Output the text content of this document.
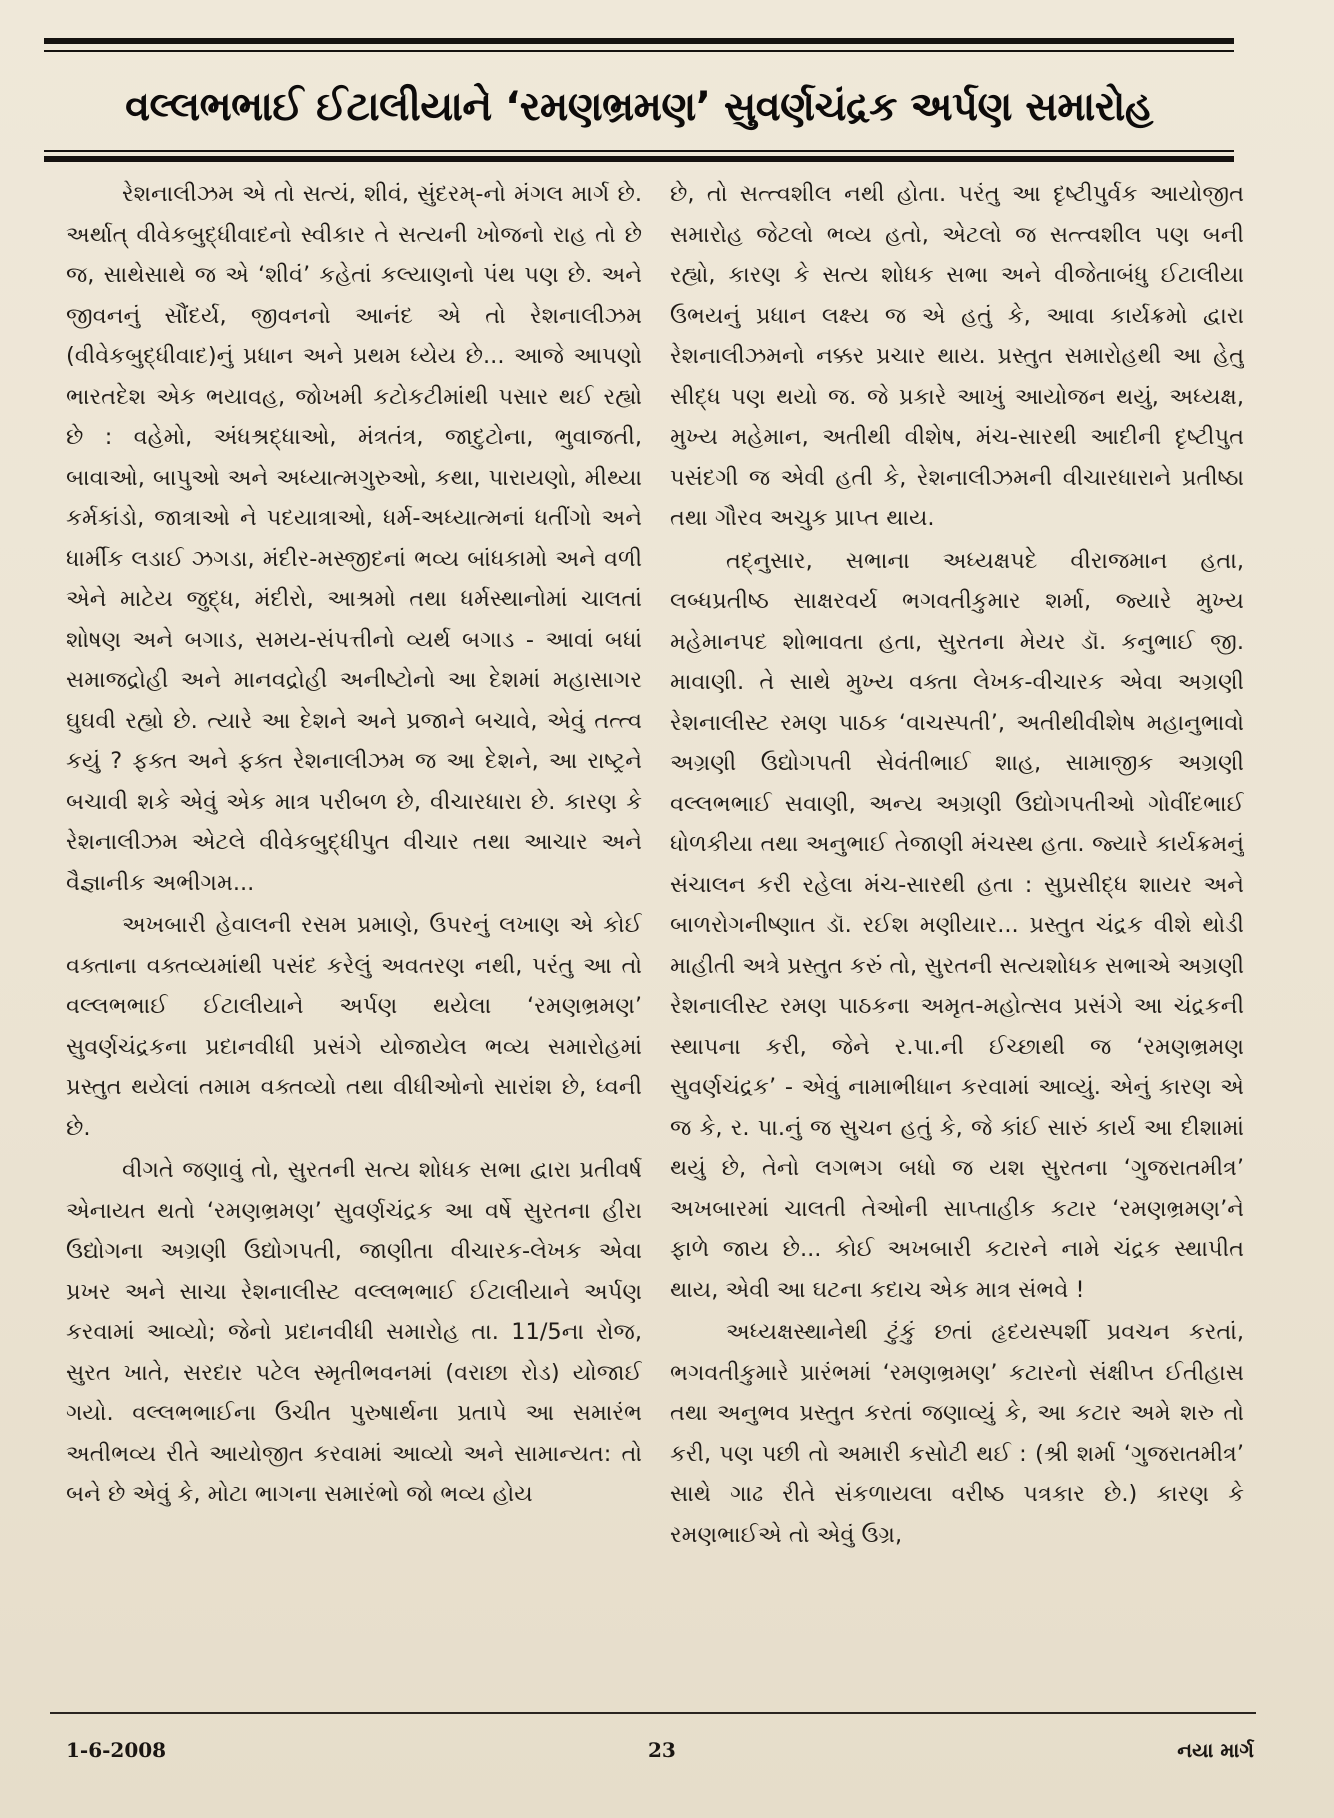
વલ્લભભાઈ ઈટાલીયાને ‘રમણભ્રમણ’ સુવર્ણચંદ્રક અર્પણ સમારોહ

રેશનાલીઝમ એ તો સત્યં, શીવં, સુંદરમ્-નો મંગલ માર્ગ છે. અર્થાત્ વીવેકબુદ્ધીવાદનો સ્વીકાર તે સત્યની ખોજનો રાહ તો છે જ, સાથેસાથે જ એ ‘શીવં’ કહેતાં કલ્યાણનો પંથ પણ છે. અને જીવનનું સૌંદર્ય, જીવનનો આનંદ એ તો રેશનાલીઝમ (વીવેકબુદ્ધીવાદ)નું પ્રધાન અને પ્રથમ ધ્યેય છે... આજે આપણો ભારતદેશ એક ભયાવહ, જોખમી કટોકટીમાંથી પસાર થઈ રહ્યો છે : વહેમો, અંધશ્રદ્ધાઓ, મંત્રતંત્ર, જાદુટોના, ભુવાજતી, બાવાઓ, બાપુઓ અને અધ્યાત્મગુરુઓ, કથા, પારાયણો, મીથ્યા કર્મકાંડો, જાત્રાઓ ને પદયાત્રાઓ, ધર્મ-અધ્યાત્મનાં ધતીંગો અને ધાર્મીક લડાઈ ઝગડા, મંદીર-મસ્જીદનાં ભવ્ય બાંધકામો અને વળી એને માટેય જુદ્ધ, મંદીરો, આશ્રમો તથા ધર્મસ્થાનોમાં ચાલતાં શોષણ અને બગાડ, સમય-સંપત્તીનો વ્યર્થ બગાડ - આવાં બધાં સમાજદ્રોહી અને માનવદ્રોહી અનીષ્ટોનો આ દેશમાં મહાસાગર ઘુઘવી રહ્યો છે. ત્યારે આ દેશને અને પ્રજાને બચાવે, એવું તત્ત્વ કયું ? ફક્ત અને ફક્ત રેશનાલીઝમ જ આ દેશને, આ રાષ્ટ્રને બચાવી શકે એવું એક માત્ર પરીબળ છે, વીચારધારા છે. કારણ કે રેશનાલીઝમ એટલે વીવેકબુદ્ધીપુત વીચાર તથા આચાર અને વૈજ્ઞાનીક અભીગમ...

અખબારી હેવાલની રસમ પ્રમાણે, ઉપરનું લખાણ એ કોઈ વક્તાના વક્તવ્યમાંથી પસંદ કરેલું અવતરણ નથી, પરંતુ આ તો વલ્લભભાઈ ઈટાલીયાને અર્પણ થયેલા ‘રમણભ્રમણ’ સુવર્ણચંદ્રકના પ્રદાનવીધી પ્રસંગે યોજાયેલ ભવ્ય સમારોહમાં પ્રસ્તુત થયેલાં તમામ વક્તવ્યો તથા વીધીઓનો સારાંશ છે, ધ્વની છે.

વીગતે જણાવું તો, સુરતની સત્ય શોધક સભા દ્વારા પ્રતીવર્ષ એનાયત થતો ‘રમણભ્રમણ’ સુવર્ણચંદ્રક આ વર્ષે સુરતના હીરા ઉદ્યોગના અગ્રણી ઉદ્યોગપતી, જાણીતા વીચારક-લેખક એવા પ્રખર અને સાચા રેશનાલીસ્ટ વલ્લભભાઈ ઈટાલીયાને અર્પણ કરવામાં આવ્યો; જેનો પ્રદાનવીધી સમારોહ તા. 11/5ના રોજ, સુરત ખાતે, સરદાર પટેલ સ્મૃતીભવનમાં (વરાછા રોડ) યોજાઈ ગયો. વલ્લભભાઈના ઉચીત પુરુષાર્થના પ્રતાપે આ સમારંભ અતીભવ્ય રીતે આયોજીત કરવામાં આવ્યો અને સામાન્યત: તો બને છે એવું કે, મોટા ભાગના સમારંભો જો ભવ્ય હોય

છે, તો સત્ત્વશીલ નથી હોતા. પરંતુ આ દૃષ્ટીપુર્વક આયોજીત સમારોહ જેટલો ભવ્ય હતો, એટલો જ સત્ત્વશીલ પણ બની રહ્યો, કારણ કે સત્ય શોધક સભા અને વીજેતાબંધુ ઈટાલીયા ઉભયનું પ્રધાન લક્ષ્ય જ એ હતું કે, આવા કાર્યક્રમો દ્વારા રેશનાલીઝમનો નક્કર પ્રચાર થાય. પ્રસ્તુત સમારોહથી આ હેતુ સીદ્ધ પણ થયો જ. જે પ્રકારે આખું આયોજન થયું, અધ્યક્ષ, મુખ્ય મહેમાન, અતીથી વીશેષ, મંચ-સારથી આદીની દૃષ્ટીપુત પસંદગી જ એવી હતી કે, રેશનાલીઝમની વીચારધારાને પ્રતીષ્ઠા તથા ગૌરવ અચુક પ્રાપ્ત થાય.

તદ્નુસાર, સભાના અધ્યક્ષપદે વીરાજમાન હતા, લબ્ધપ્રતીષ્ઠ સાક્ષરવર્ય ભગવતીકુમાર શર્મા, જ્યારે મુખ્ય મહેમાનપદ શોભાવતા હતા, સુરતના મેયર ડૉ. કનુભાઈ જી. માવાણી. તે સાથે મુખ્ય વક્તા લેખક-વીચારક એવા અગ્રણી રેશનાલીસ્ટ રમણ પાઠક ‘વાચસ્પતી’, અતીથીવીશેષ મહાનુભાવો અગ્રણી ઉદ્યોગપતી સેવંતીભાઈ શાહ, સામાજીક અગ્રણી વલ્લભભાઈ સવાણી, અન્ય અગ્રણી ઉદ્યોગપતીઓ ગોવીંદભાઈ ધોળકીયા તથા અનુભાઈ તેજાણી મંચસ્થ હતા. જ્યારે કાર્યક્રમનું સંચાલન કરી રહેલા મંચ-સારથી હતા : સુપ્રસીદ્ધ શાયર અને બાળરોગનીષ્ણાત ડૉ. રઈશ મણીયાર... પ્રસ્તુત ચંદ્રક વીશે થોડી માહીતી અત્રે પ્રસ્તુત કરું તો, સુરતની સત્યશોધક સભાએ અગ્રણી રેશનાલીસ્ટ રમણ પાઠકના અમૃત-મહોત્સવ પ્રસંગે આ ચંદ્રકની સ્થાપના કરી, જેને ર.પા.ની ઈચ્છાથી જ ‘રમણભ્રમણ સુવર્ણચંદ્રક’ - એવું નામાભીધાન કરવામાં આવ્યું. એનું કારણ એ જ કે, ર. પા.નું જ સુચન હતું કે, જે કાંઈ સારું કાર્ય આ દીશામાં થયું છે, તેનો લગભગ બધો જ યશ સુરતના ‘ગુજરાતમીત્ર’ અખબારમાં ચાલતી તેઓની સાપ્તાહીક કટાર ‘રમણભ્રમણ’ને ફાળે જાય છે... કોઈ અખબારી કટારને નામે ચંદ્રક સ્થાપીત થાય, એવી આ ઘટના કદાચ એક માત્ર સંભવે !

અધ્યક્ષસ્થાનેથી ટુંકું છતાં હૃદયસ્પર્શી પ્રવચન કરતાં, ભગવતીકુમારે પ્રારંભમાં ‘રમણભ્રમણ’ કટારનો સંક્ષીપ્ત ઈતીહાસ તથા અનુભવ પ્રસ્તુત કરતાં જણાવ્યું કે, આ કટાર અમે શરુ તો કરી, પણ પછી તો અમારી કસોટી થઈ : (શ્રી શર્મા ‘ગુજરાતમીત્ર’ સાથે ગાઢ રીતે સંકળાયલા વરીષ્ઠ પત્રકાર છે.) કારણ કે રમણભાઈએ તો એવું ઉગ્ર,

1-6-2008	23	નયા માર્ગ
